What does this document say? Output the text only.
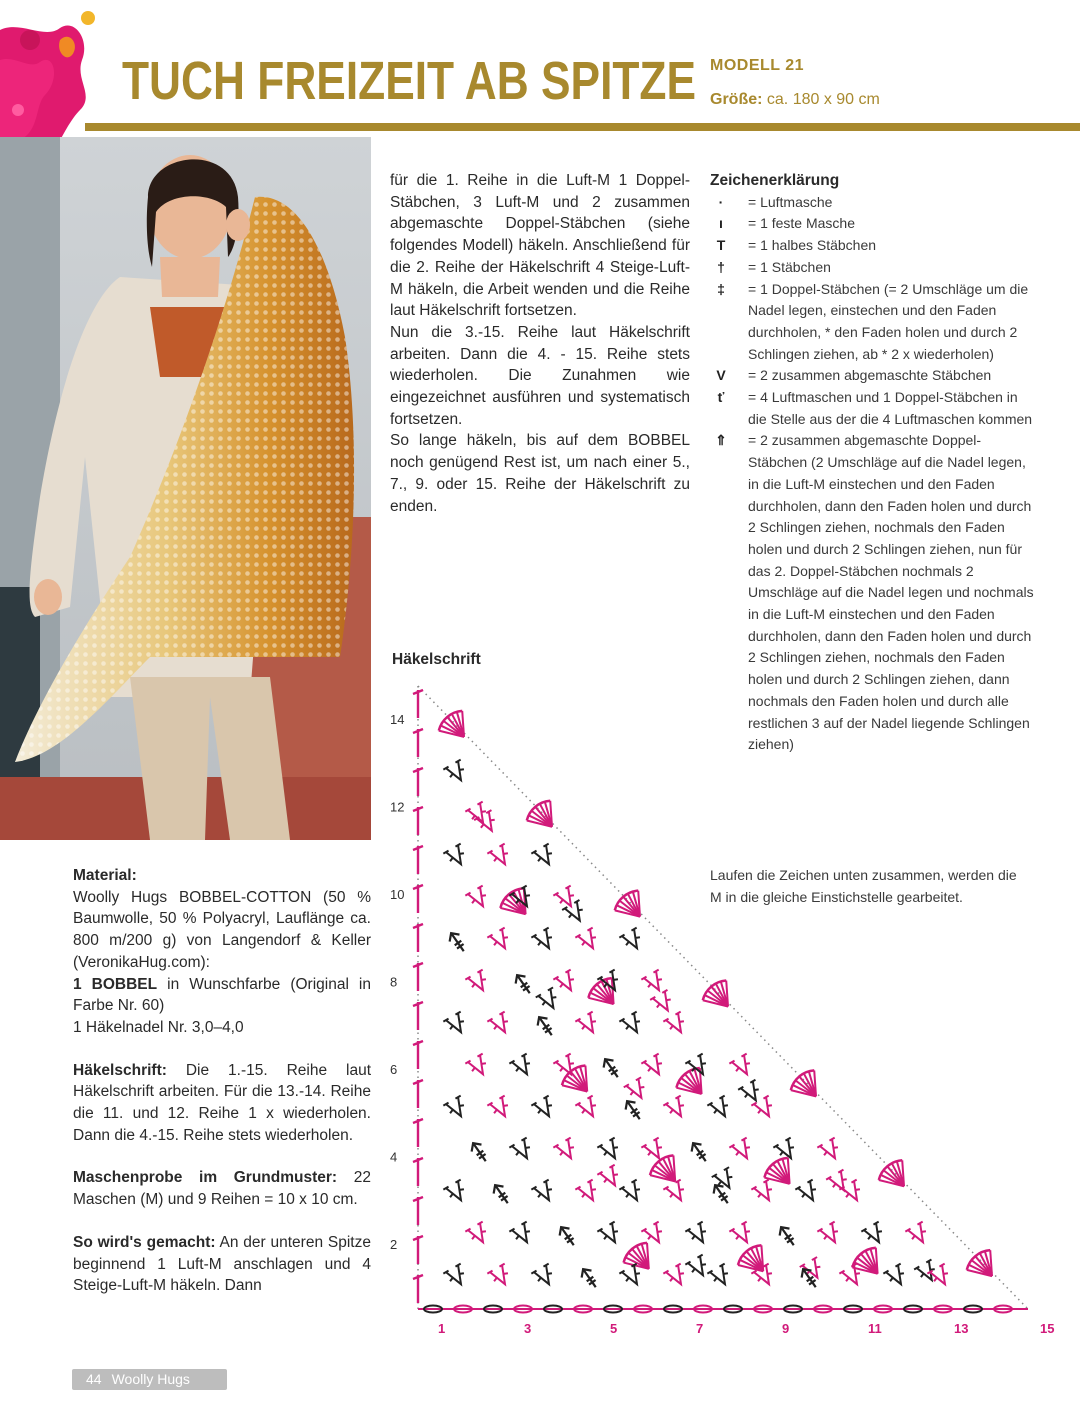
TUCH FREIZEIT AB SPITZE MODELL 21
Größe: ca. 180 x 90 cm

für die 1. Reihe in die Luft-M 1 Doppel-Stäbchen, 3 Luft-M und 2 zusammen abgemaschte Doppel-Stäbchen (siehe folgendes Modell) häkeln. Anschließend für die 2. Reihe der Häkelschrift 4 Steige-Luft-M häkeln, die Arbeit wenden und die Reihe laut Häkelschrift fortsetzen.

Nun die 3.-15. Reihe laut Häkelschrift arbeiten. Dann die 4. - 15. Reihe stets wiederholen. Die Zunahmen wie eingezeichnet ausführen und systematisch fortsetzen.

So lange häkeln, bis auf dem BOBBEL noch genügend Rest ist, um nach einer 5., 7., 9. oder 15. Reihe der Häkelschrift zu enden.

Material:

Woolly Hugs BOBBEL-COTTON (50 % Baumwolle, 50 % Polyacryl, Lauflänge ca. 800 m/200 g) von Langendorf & Keller (VeronikaHug.com):

1 BOBBEL in Wunschfarbe (Original in Farbe Nr. 60)

1 Häkelnadel Nr. 3,0–4,0

Häkelschrift: Die 1.-15. Reihe laut Häkelschrift arbeiten. Für die 13.-14. Reihe die 11. und 12. Reihe 1 x wiederholen. Dann die 4.-15. Reihe stets wiederholen.

Maschenprobe im Grundmuster: 22 Maschen (M) und 9 Reihen = 10 x 10 cm.

So wird's gemacht: An der unteren Spitze beginnend 1 Luft-M anschlagen und 4 Steige-Luft-M häkeln. Dann

Zeichenerklärung
·	= Luftmasche
ı	= 1 feste Masche
T	= 1 halbes Stäbchen
†	= 1 Stäbchen
‡	= 1 Doppel-Stäbchen (= 2 Umschläge um die Nadel legen, einstechen und den Faden durchholen, * den Faden holen und durch 2 Schlingen ziehen, ab * 2 x wiederholen)
V	= 2 zusammen abgemaschte Stäbchen
ť	= 4 Luftmaschen und 1 Doppel-Stäbchen in die Stelle aus der die 4 Luftmaschen kommen
⇑	= 2 zusammen abgemaschte Doppel-Stäbchen (2 Umschläge auf die Nadel legen, in die Luft-M einstechen und den Faden durchholen, dann den Faden holen und durch 2 Schlingen ziehen, nochmals den Faden holen und durch 2 Schlingen ziehen, nun für das 2. Doppel-Stäbchen nochmals 2 Umschläge auf die Nadel legen und nochmals in die Luft-M einstechen und den Faden durchholen, dann den Faden holen und durch 2 Schlingen ziehen, nochmals den Faden holen und durch 2 Schlingen ziehen, dann nochmals den Faden holen und durch alle restlichen 3 auf der Nadel liegende Schlingen ziehen)
Laufen die Zeichen unten zusammen, werden die M in die gleiche Einstichstelle gearbeitet.
Häkelschrift
2
4
6
8
10
12
14
1	3	5	7	9	11	13	15
44 Woolly Hugs
